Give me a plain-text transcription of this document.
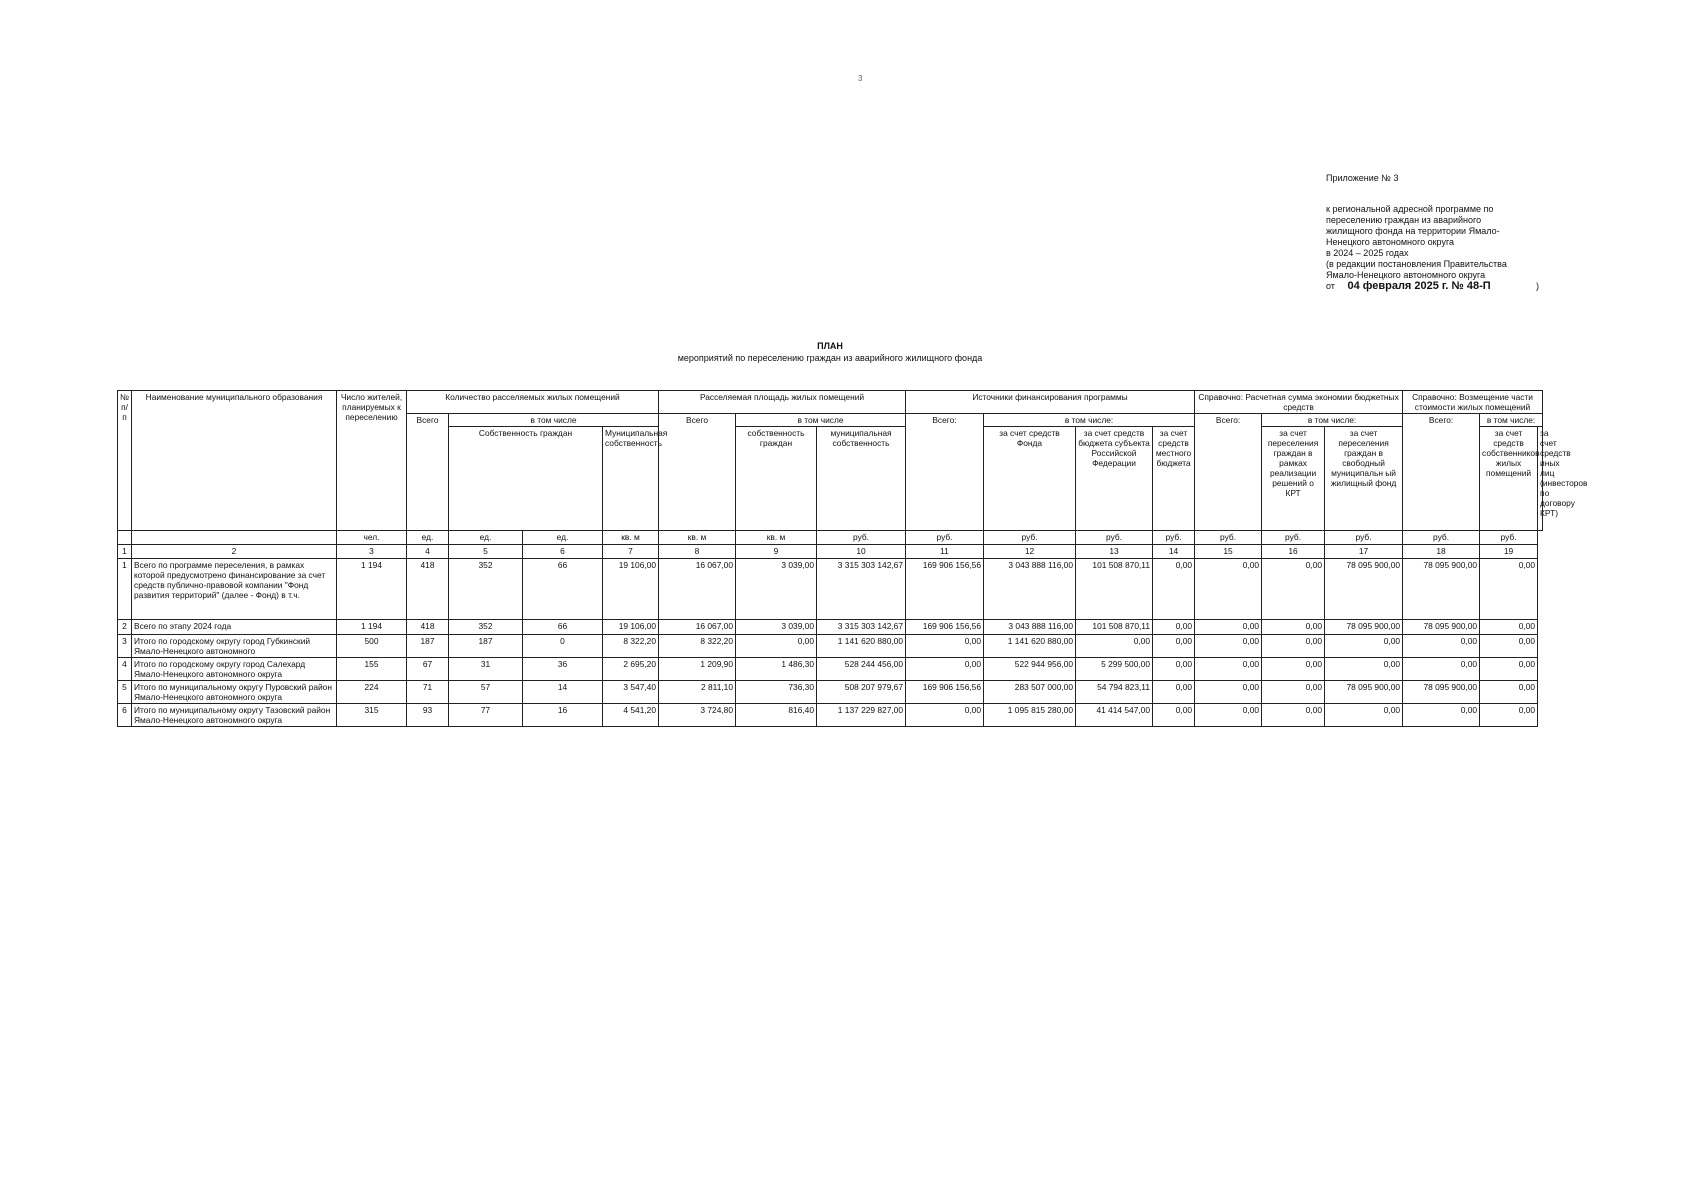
3
Приложение № 3
к региональной адресной программе по
переселению граждан из аварийного
жилищного фонда на территории Ямало-
Ненецкого автономного округа
в 2024 – 2025 годах
(в редакции постановления Правительства
Ямало-Ненецкого автономного округа
от 04 февраля 2025 г. № 48-П	)
ПЛАН
мероприятий по переселению граждан из аварийного жилищного фонда
№ п/п	Наименование муниципального образования	Число жителей, планируемых к переселению	Количество расселяемых жилых помещений				Расселяемая площадь жилых помещений			Источники финансирования программы				Справочно: Расчетная сумма экономии бюджетных средств			Справочно: Возмещение части стоимости жилых помещений		
			Всего	в том числе			Всего	в том числе		Всего:	в том числе:			Всего:	в том числе:		Всего:	в том числе:	
				Собственность граждан		Муниципальная собственность		собственность граждан	муниципальная собственность		за счет средств Фонда	за счет средств бюджета субъекта Российской Федерации	за счет средств местного бюджета		за счет переселения граждан в рамках реализации решений о КРТ	за счет переселения граждан в свободный муниципальн ый жилищный фонд		за счет средств собственников жилых помещений	за счет средств иных лиц (инвесторов по договору КРТ)
		чел.	ед.	ед.	ед.	кв. м	кв. м	кв. м	руб.	руб.	руб.	руб.	руб.	руб.	руб.	руб.	руб.	руб.	
1	2	3	4	5	6	7	8	9	10	11	12	13	14	15	16	17	18	19	
1	Всего по программе переселения, в рамках которой предусмотрено финансирование за счет средств публично-правовой компании "Фонд развития территорий" (далее - Фонд) в т.ч.	1 194	418	352	66	19 106,00	16 067,00	3 039,00	3 315 303 142,67	169 906 156,56	3 043 888 116,00	101 508 870,11	0,00	0,00	0,00	78 095 900,00	78 095 900,00	0,00	
2	Всего по этапу 2024 года	1 194	418	352	66	19 106,00	16 067,00	3 039,00	3 315 303 142,67	169 906 156,56	3 043 888 116,00	101 508 870,11	0,00	0,00	0,00	78 095 900,00	78 095 900,00	0,00	
3	Итого по городскому округу город Губкинский Ямало-Ненецкого автономного	500	187	187	0	8 322,20	8 322,20	0,00	1 141 620 880,00	0,00	1 141 620 880,00	0,00	0,00	0,00	0,00	0,00	0,00	0,00	
4	Итого по городскому округу город Салехард Ямало-Ненецкого автономного округа	155	67	31	36	2 695,20	1 209,90	1 486,30	528 244 456,00	0,00	522 944 956,00	5 299 500,00	0,00	0,00	0,00	0,00	0,00	0,00	
5	Итого по муниципальному округу Пуровский район Ямало-Ненецкого автономного округа	224	71	57	14	3 547,40	2 811,10	736,30	508 207 979,67	169 906 156,56	283 507 000,00	54 794 823,11	0,00	0,00	0,00	78 095 900,00	78 095 900,00	0,00	
6	Итого по муниципальному округу Тазовский район Ямало-Ненецкого автономного округа	315	93	77	16	4 541,20	3 724,80	816,40	1 137 229 827,00	0,00	1 095 815 280,00	41 414 547,00	0,00	0,00	0,00	0,00	0,00	0,00	
